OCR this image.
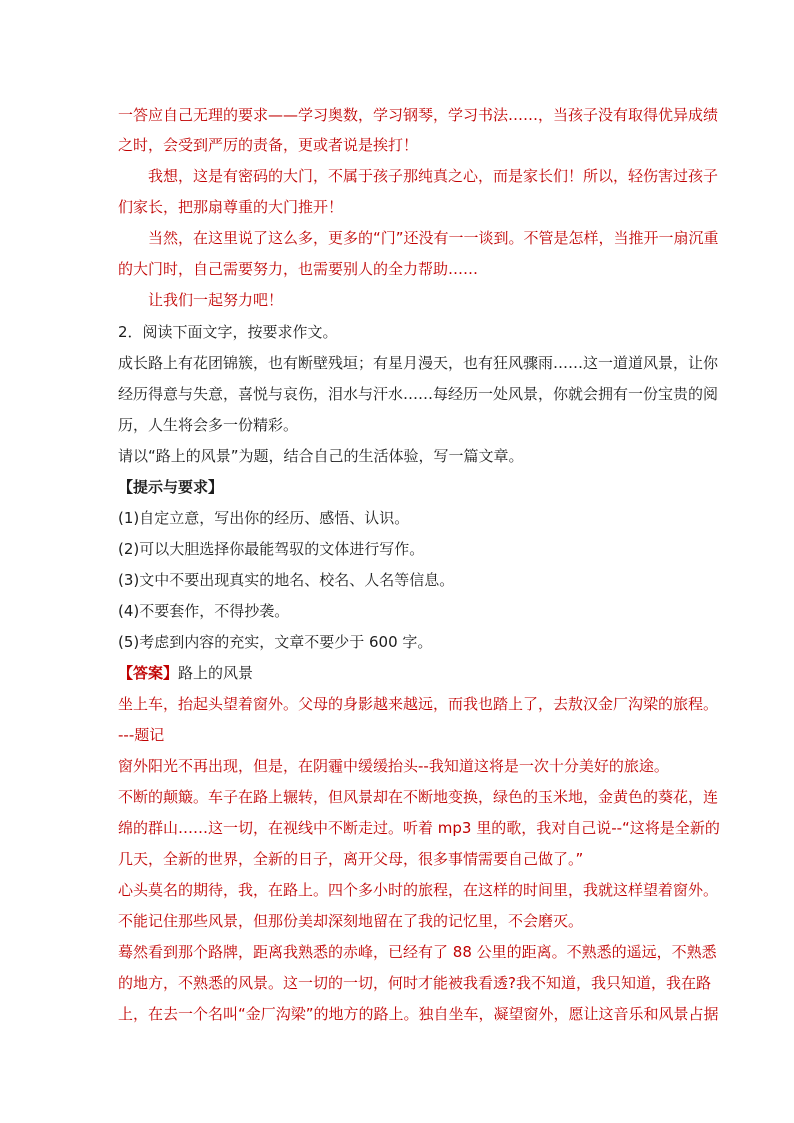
一答应自己无理的要求——学习奥数，学习钢琴，学习书法……，当孩子没有取得优异成绩
之时，会受到严厉的责备，更或者说是挨打！
我想，这是有密码的大门，不属于孩子那纯真之心，而是家长们！所以，轻伤害过孩子
们家长，把那扇尊重的大门推开！
当然，在这里说了这么多，更多的“门”还没有一一谈到。不管是怎样，当推开一扇沉重
的大门时，自己需要努力，也需要别人的全力帮助……
让我们一起努力吧！
2．阅读下面文字，按要求作文。
成长路上有花团锦簇，也有断壁残垣；有星月漫天，也有狂风骤雨……这一道道风景，让你
经历得意与失意，喜悦与哀伤，泪水与汗水……每经历一处风景，你就会拥有一份宝贵的阅
历，人生将会多一份精彩。
请以“路上的风景”为题，结合自己的生活体验，写一篇文章。
【提示与要求】
(1)自定立意，写出你的经历、感悟、认识。
(2)可以大胆选择你最能驾驭的文体进行写作。
(3)文中不要出现真实的地名、校名、人名等信息。
(4)不要套作，不得抄袭。
(5)考虑到内容的充实，文章不要少于 600 字。
【答案】路上的风景
坐上车，抬起头望着窗外。父母的身影越来越远，而我也踏上了，去敖汉金厂沟梁的旅程。
---题记
窗外阳光不再出现，但是，在阴霾中缓缓抬头--我知道这将是一次十分美好的旅途。
不断的颠簸。车子在路上辗转，但风景却在不断地变换，绿色的玉米地，金黄色的葵花，连
绵的群山……这一切，在视线中不断走过。听着 mp3 里的歌，我对自己说--“这将是全新的
几天，全新的世界，全新的日子，离开父母，很多事情需要自己做了。”
心头莫名的期待，我，在路上。四个多小时的旅程，在这样的时间里，我就这样望着窗外。
不能记住那些风景，但那份美却深刻地留在了我的记忆里，不会磨灭。
蓦然看到那个路牌，距离我熟悉的赤峰，已经有了 88 公里的距离。不熟悉的遥远，不熟悉
的地方，不熟悉的风景。这一切的一切，何时才能被我看透?我不知道，我只知道，我在路
上，在去一个名叫“金厂沟梁”的地方的路上。独自坐车，凝望窗外，愿让这音乐和风景占据
